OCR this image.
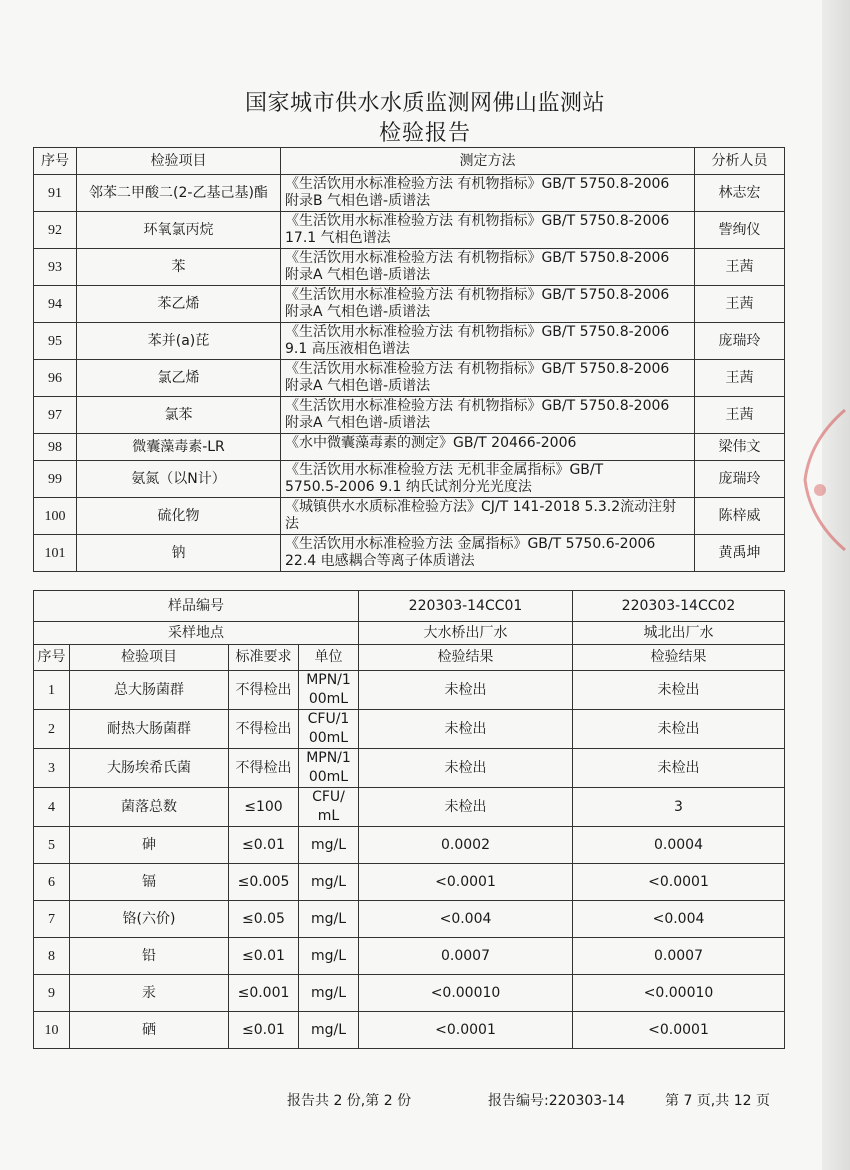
国家城市供水水质监测网佛山监测站
检验报告
序号	检验项目	测定方法	分析人员
91	邻苯二甲酸二(2-乙基己基)酯	《生活饮用水标准检验方法 有机物指标》GB/T 5750.8-2006
附录B 气相色谱-质谱法	林志宏
92	环氧氯丙烷	《生活饮用水标准检验方法 有机物指标》GB/T 5750.8-2006
17.1 气相色谱法	訾绚仪
93	苯	《生活饮用水标准检验方法 有机物指标》GB/T 5750.8-2006
附录A 气相色谱-质谱法	王茜
94	苯乙烯	《生活饮用水标准检验方法 有机物指标》GB/T 5750.8-2006
附录A 气相色谱-质谱法	王茜
95	苯并(a)芘	《生活饮用水标准检验方法 有机物指标》GB/T 5750.8-2006
9.1 高压液相色谱法	庞瑞玲
96	氯乙烯	《生活饮用水标准检验方法 有机物指标》GB/T 5750.8-2006
附录A 气相色谱-质谱法	王茜
97	氯苯	《生活饮用水标准检验方法 有机物指标》GB/T 5750.8-2006
附录A 气相色谱-质谱法	王茜
98	微囊藻毒素-LR	《水中微囊藻毒素的测定》GB/T 20466-2006	梁伟文
99	氨氮（以N计）	《生活饮用水标准检验方法 无机非金属指标》GB/T
5750.5-2006 9.1 纳氏试剂分光光度法	庞瑞玲
100	硫化物	《城镇供水水质标准检验方法》CJ/T 141-2018 5.3.2流动注射
法	陈梓威
101	钠	《生活饮用水标准检验方法 金属指标》GB/T 5750.6-2006
22.4 电感耦合等离子体质谱法	黄禹坤
样品编号				220303-14CC01	220303-14CC02
采样地点				大水桥出厂水	城北出厂水
序号	检验项目	标准要求	单位	检验结果	检验结果
1	总大肠菌群	不得检出	MPN/1
00mL	未检出	未检出
2	耐热大肠菌群	不得检出	CFU/1
00mL	未检出	未检出
3	大肠埃希氏菌	不得检出	MPN/1
00mL	未检出	未检出
4	菌落总数	≤100	CFU/
mL	未检出	3
5	砷	≤0.01	mg/L	0.0002	0.0004
6	镉	≤0.005	mg/L	<0.0001	<0.0001
7	铬(六价)	≤0.05	mg/L	<0.004	<0.004
8	铅	≤0.01	mg/L	0.0007	0.0007
9	汞	≤0.001	mg/L	<0.00010	<0.00010
10	硒	≤0.01	mg/L	<0.0001	<0.0001
报告共 2 份,第 2 份	报告编号:220303-14	第 7 页,共 12 页
